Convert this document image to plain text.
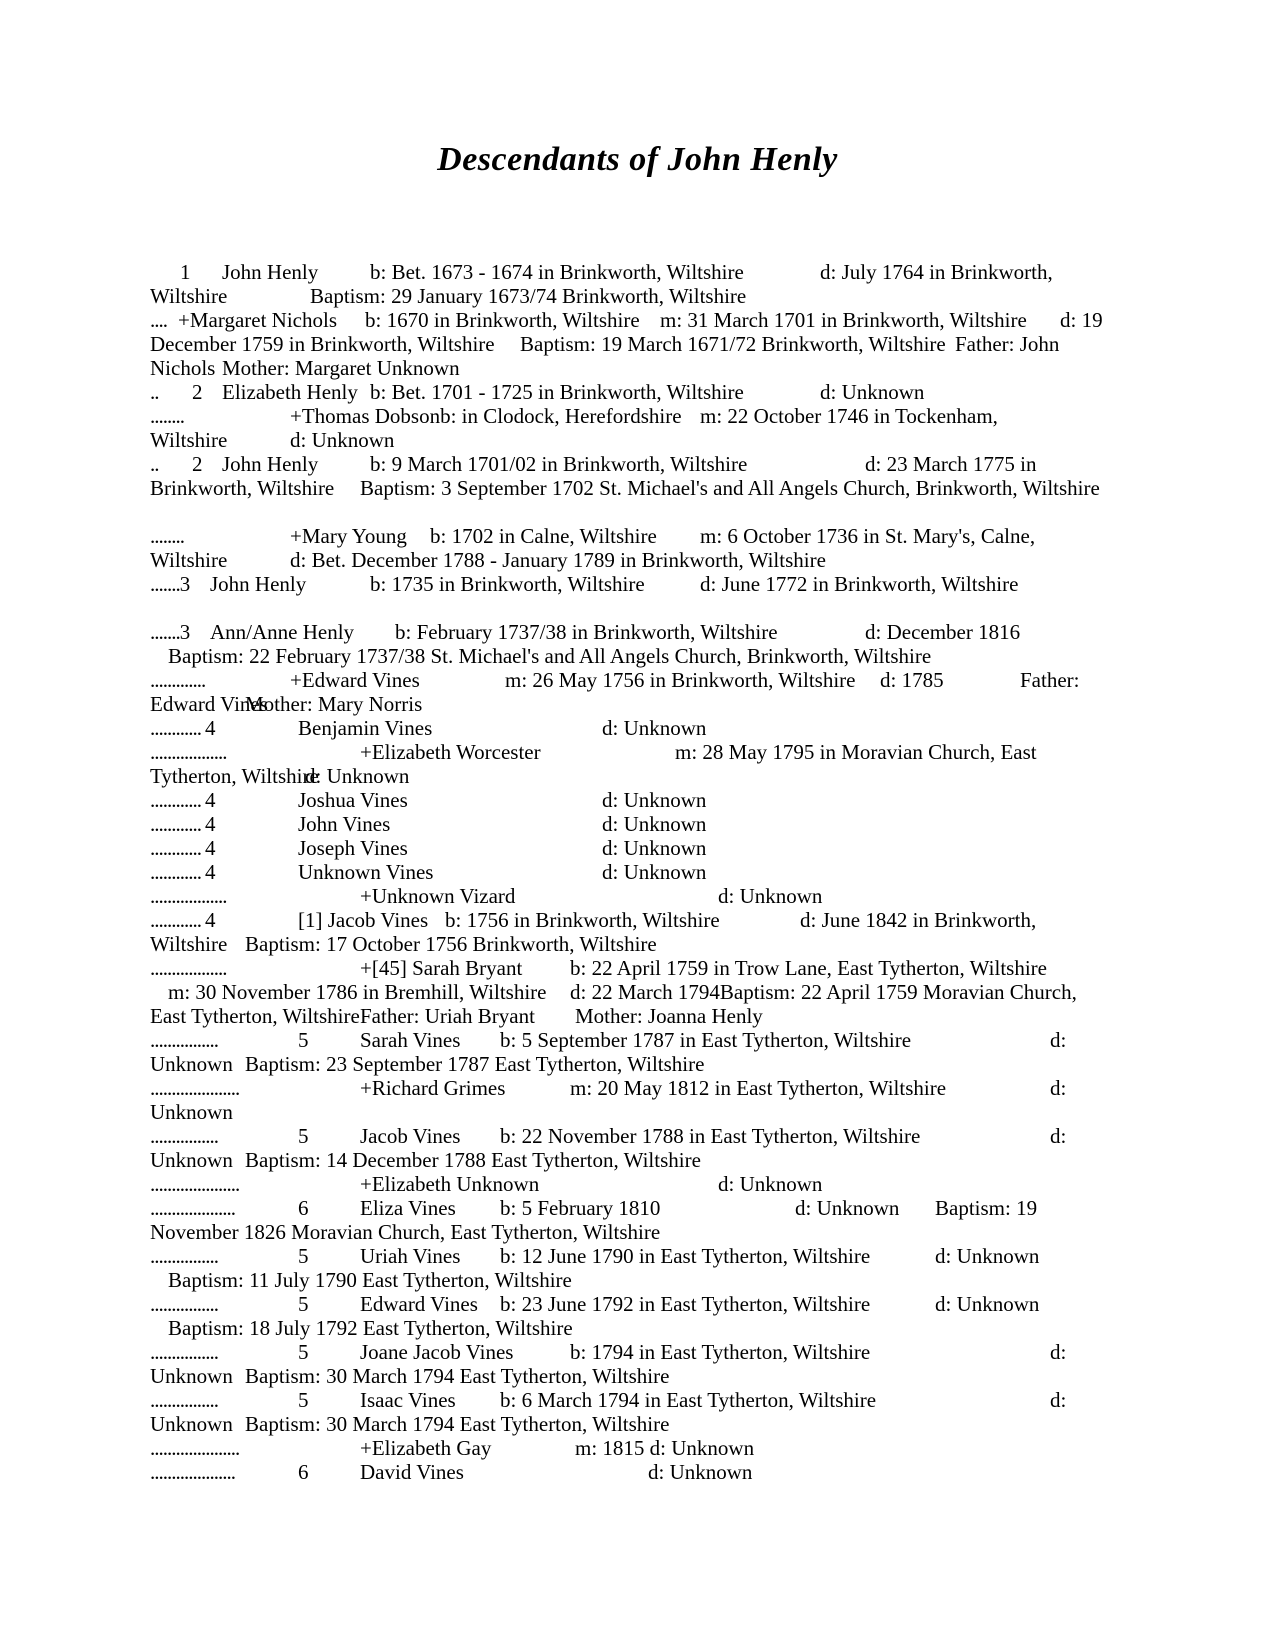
Descendants of John Henly
1 John Henly b: Bet. 1673 - 1674 in Brinkworth, Wiltshire	d: July 1764 in Brinkworth,
Wiltshire	Baptism: 29 January 1673/74 Brinkworth, Wiltshire
.... +Margaret Nichols b: 1670 in Brinkworth, Wiltshire m: 31 March 1701 in Brinkworth, Wiltshire d: 19
December 1759 in Brinkworth, Wiltshire Baptism: 19 March 1671/72 Brinkworth, Wiltshire Father: John
Nichols Mother: Margaret Unknown
.. 2 Elizabeth Henly b: Bet. 1701 - 1725 in Brinkworth, Wiltshire	d: Unknown
........	+Thomas Dobsonb: in Clodock, Herefordshire m: 22 October 1746 in Tockenham,
Wiltshire	d: Unknown
.. 2 John Henly b: 9 March 1701/02 in Brinkworth, Wiltshire	d: 23 March 1775 in
Brinkworth, Wiltshire Baptism: 3 September 1702 St. Michael's and All Angels Church, Brinkworth, Wiltshire
........	+Mary Young b: 1702 in Calne, Wiltshire m: 6 October 1736 in St. Mary's, Calne,
Wiltshire	d: Bet. December 1788 - January 1789 in Brinkworth, Wiltshire
.......3 John Henly	b: 1735 in Brinkworth, Wiltshire	d: June 1772 in Brinkworth, Wiltshire
.......3 Ann/Anne Henly b: February 1737/38 in Brinkworth, Wiltshire	d: December 1816
Baptism: 22 February 1737/38 St. Michael's and All Angels Church, Brinkworth, Wiltshire
.............	+Edward Vines	m: 26 May 1756 in Brinkworth, Wiltshire d: 1785	Father:
Edward Vines
Mother: Mary Norris
............ 4	Benjamin Vines	d: Unknown
..................	+Elizabeth Worcester	m: 28 May 1795 in Moravian Church, East
Tytherton, Wiltshire
d: Unknown
............ 4	Joshua Vines	d: Unknown
............ 4	John Vines	d: Unknown
............ 4	Joseph Vines	d: Unknown
............ 4	Unknown Vines	d: Unknown
..................	+Unknown Vizard	d: Unknown
............ 4	[1] Jacob Vines b: 1756 in Brinkworth, Wiltshire	d: June 1842 in Brinkworth,
Wiltshire Baptism: 17 October 1756 Brinkworth, Wiltshire
..................	+[45] Sarah Bryant b: 22 April 1759 in Trow Lane, East Tytherton, Wiltshire
m: 30 November 1786 in Bremhill, Wiltshire d: 22 March 1794Baptism: 22 April 1759 Moravian Church,
East Tytherton, Wiltshire Father: Uriah Bryant Mother: Joanna Henly
................	5 Sarah Vines b: 5 September 1787 in East Tytherton, Wiltshire	d:
Unknown Baptism: 23 September 1787 East Tytherton, Wiltshire
.....................	+Richard Grimes	m: 20 May 1812 in East Tytherton, Wiltshire	d:
Unknown
................	5 Jacob Vines b: 22 November 1788 in East Tytherton, Wiltshire	d:
Unknown Baptism: 14 December 1788 East Tytherton, Wiltshire
.....................	+Elizabeth Unknown	d: Unknown
....................	6 Eliza Vines b: 5 February 1810	d: Unknown Baptism: 19
November 1826 Moravian Church, East Tytherton, Wiltshire
................	5 Uriah Vines b: 12 June 1790 in East Tytherton, Wiltshire	d: Unknown
Baptism: 11 July 1790 East Tytherton, Wiltshire
................	5 Edward Vines b: 23 June 1792 in East Tytherton, Wiltshire	d: Unknown
Baptism: 18 July 1792 East Tytherton, Wiltshire
................	5 Joane Jacob Vines	b: 1794 in East Tytherton, Wiltshire	d:
Unknown Baptism: 30 March 1794 East Tytherton, Wiltshire
................	5 Isaac Vines b: 6 March 1794 in East Tytherton, Wiltshire	d:
Unknown Baptism: 30 March 1794 East Tytherton, Wiltshire
.....................	+Elizabeth Gay	m: 1815 d: Unknown
....................	6 David Vines	d: Unknown
